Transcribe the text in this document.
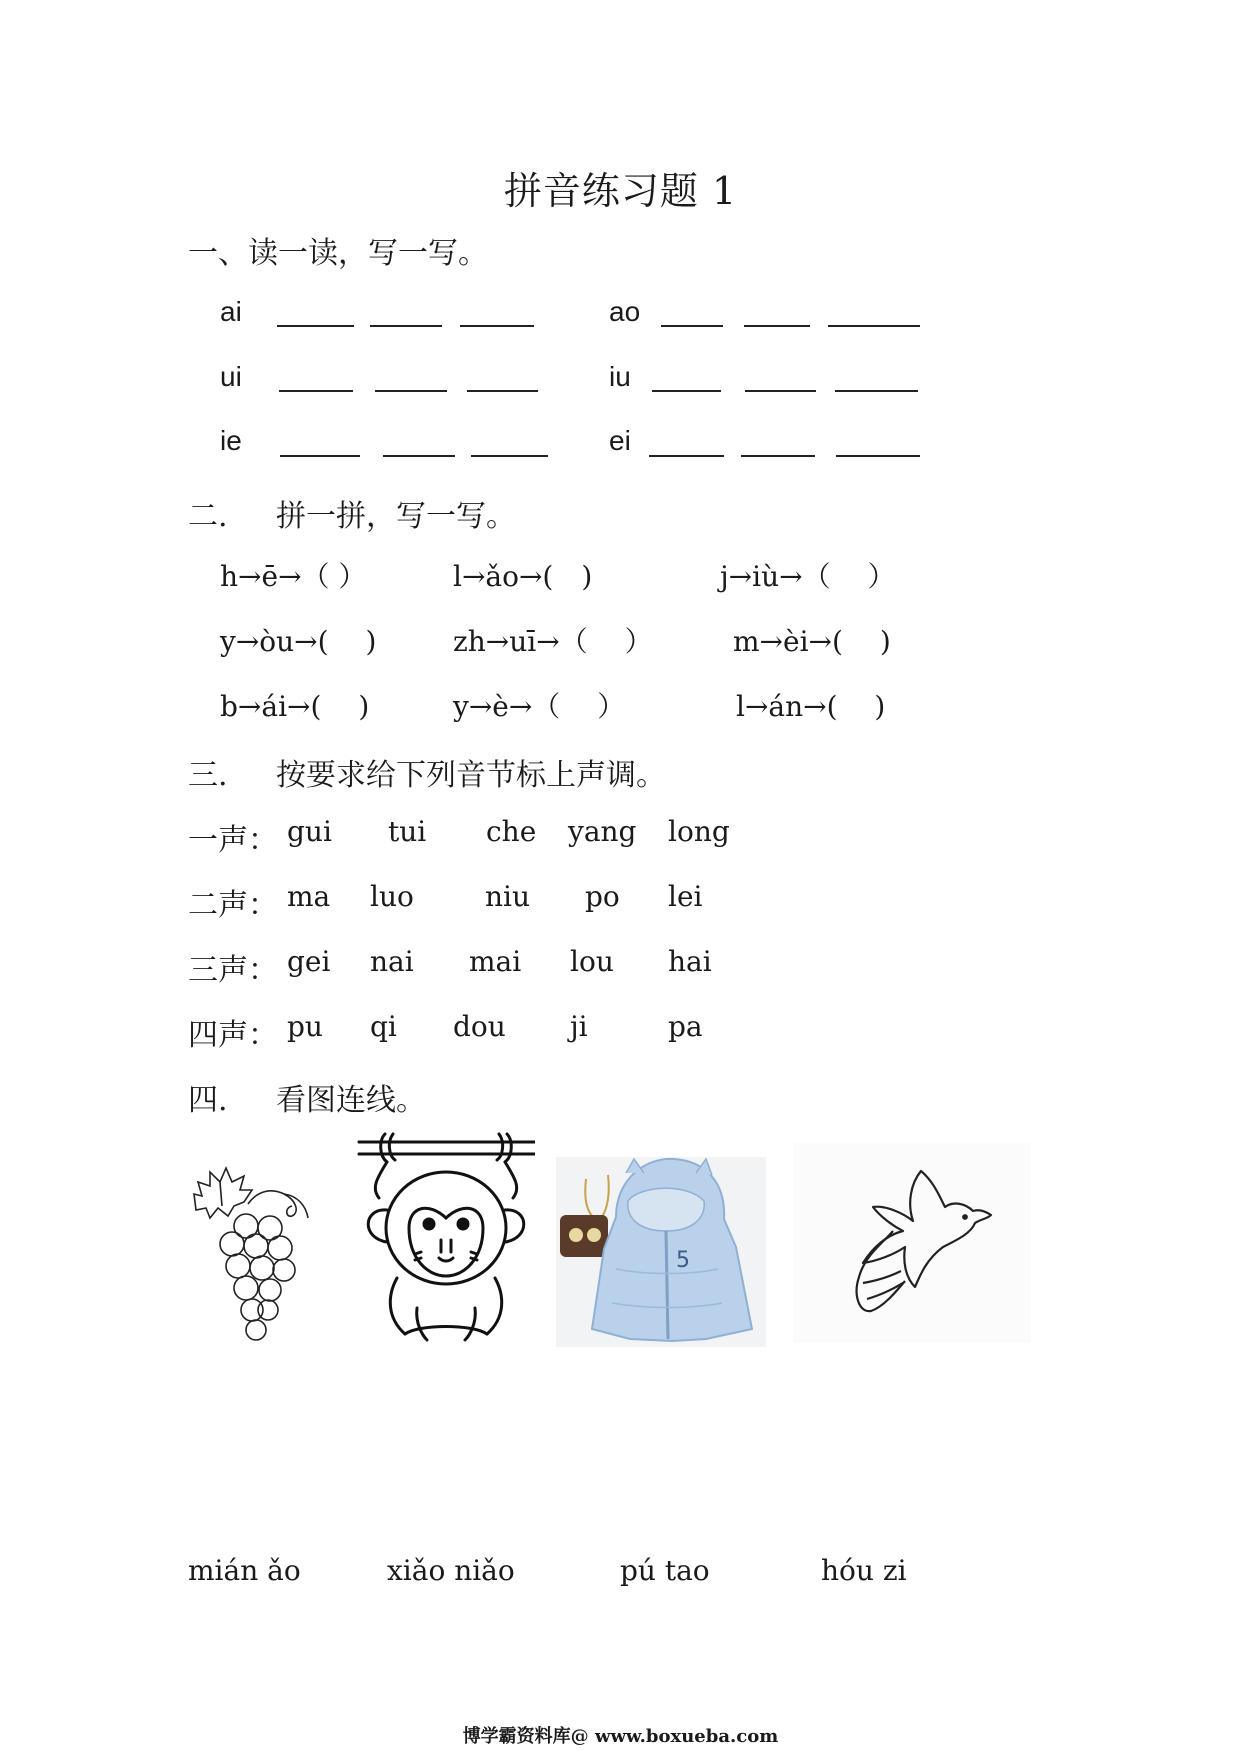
拼音练习题 1
一、读一读，写一写。
ai	ao
ui	iu
ie	ei
二. 拼一拼，写一写。
h→ē→（ ）	l→ǎo→(　)	j→iù→（　 ）
y→òu→(　 )	zh→uī→（　 ）	m→èi→(　 )
b→ái→(　 )	y→è→（　 ）	l→án→(　 )
三. 按要求给下列音节标上声调。
一声： gui tui che yang long
二声： ma luo	niu po lei
三声： gei nai mai lou hai
四声： pu qi dou ji	pa
四. 看图连线。
5
mián ǎo	xiǎo niǎo	pú tao	hóu zi
博学霸资料库@ www.boxueba.com
